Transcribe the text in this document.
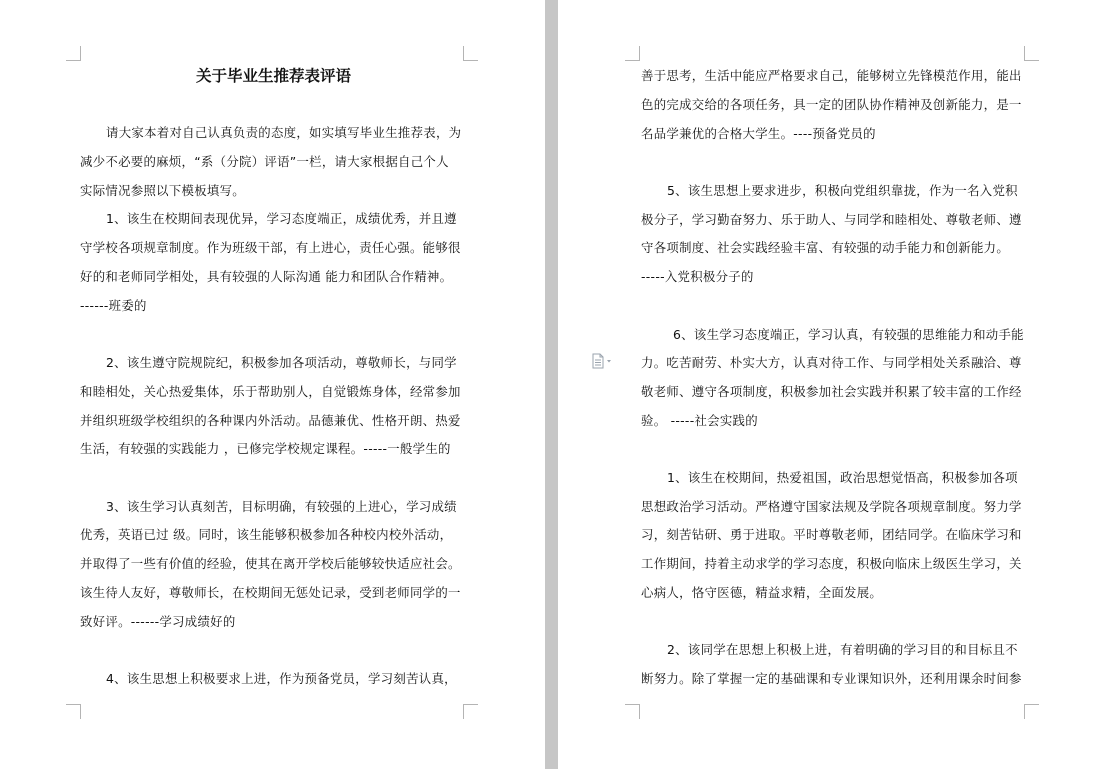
关于毕业生推荐表评语
请大家本着对自己认真负责的态度，如实填写毕业生推荐表，为
减少不必要的麻烦，“系（分院）评语”一栏，请大家根据自己个人
实际情况参照以下模板填写。
1、该生在校期间表现优异，学习态度端正，成绩优秀，并且遵
守学校各项规章制度。作为班级干部，有上进心，责任心强。能够很
好的和老师同学相处，具有较强的人际沟通 能力和团队合作精神。
------班委的
2、该生遵守院规院纪，积极参加各项活动，尊敬师长，与同学
和睦相处，关心热爱集体，乐于帮助别人，自觉锻炼身体，经常参加
并组织班级学校组织的各种课内外活动。品德兼优、性格开朗、热爱
生活，有较强的实践能力 ，已修完学校规定课程。-----一般学生的
3、该生学习认真刻苦，目标明确，有较强的上进心，学习成绩
优秀，英语已过 级。同时，该生能够积极参加各种校内校外活动，
并取得了一些有价值的经验，使其在离开学校后能够较快适应社会。
该生待人友好，尊敬师长，在校期间无惩处记录，受到老师同学的一
致好评。------学习成绩好的
4、该生思想上积极要求上进，作为预备党员，学习刻苦认真，
善于思考，生活中能应严格要求自己，能够树立先锋模范作用，能出
色的完成交给的各项任务，具一定的团队协作精神及创新能力，是一
名品学兼优的合格大学生。----预备党员的
5、该生思想上要求进步，积极向党组织靠拢，作为一名入党积
极分子，学习勤奋努力、乐于助人、与同学和睦相处、尊敬老师、遵
守各项制度、社会实践经验丰富、有较强的动手能力和创新能力。
-----入党积极分子的
6、该生学习态度端正，学习认真，有较强的思维能力和动手能
力。吃苦耐劳、朴实大方，认真对待工作、与同学相处关系融洽、尊
敬老师、遵守各项制度，积极参加社会实践并积累了较丰富的工作经
验。 -----社会实践的
1、该生在校期间，热爱祖国，政治思想觉悟高，积极参加各项
思想政治学习活动。严格遵守国家法规及学院各项规章制度。努力学
习，刻苦钻研、勇于进取。平时尊敬老师，团结同学。在临床学习和
工作期间，持着主动求学的学习态度，积极向临床上级医生学习，关
心病人，恪守医德，精益求精，全面发展。
2、该同学在思想上积极上进，有着明确的学习目的和目标且不
断努力。除了掌握一定的基础课和专业课知识外，还利用课余时间参
